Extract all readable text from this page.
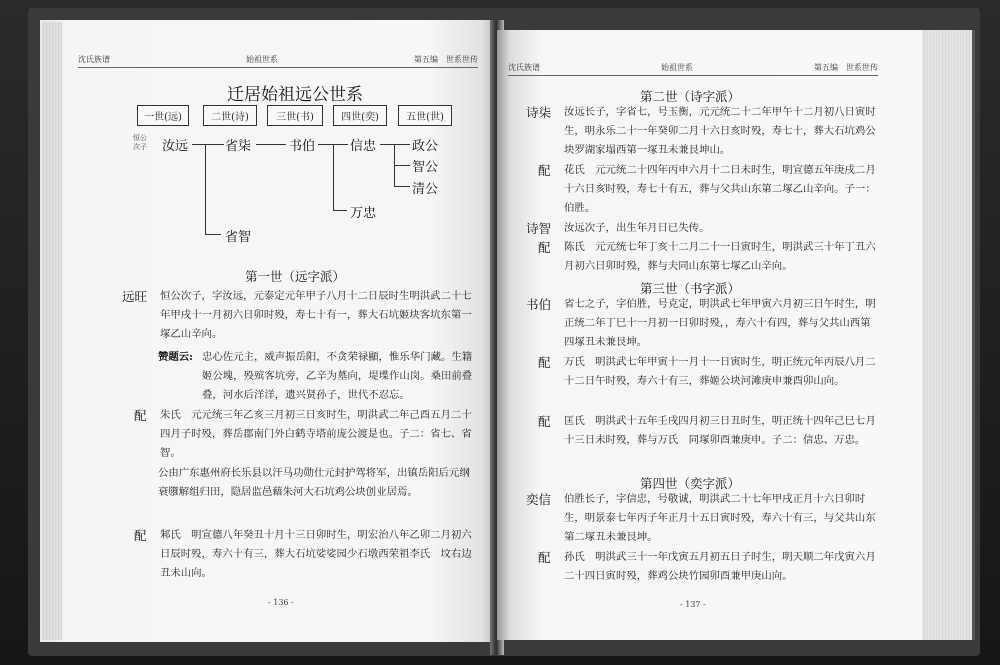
沈氏族谱	始祖世系	第五编　世系世传
迁居始祖远公世系
一世(远)	二世(诗)	三世(书)	四世(奕)	五世(世)
恒公次子	汝远	省柒
省智
书伯
万忠
信忠	政公
智公
清公
第一世（远字派）
远旺 恒公次子，字汝远，元泰定元年甲子八月十二日辰时生明洪武二十七年甲戌十一月初六日卯时殁，寿七十有一，葬大石坑姬块客坑东第一塚乙山辛向。
赞题云: 忠心佐元主，威声振岳阳，不贪荣禄顯，惟乐华门藏。生籍姬公塊，殁殡客坑旁，乙辛为墓向，堤堞作山岗。桑田前叠叠，河水后洋洋，遗兴贤孙子，世代不忍忘。
配 朱氏　元元统三年乙亥三月初三日亥时生，明洪武二年己酉五月二十四月子时殁，葬岳郡南门外白鹤寺塔前庞公渡是也。子二：省七、省智。
公由广东惠州府长乐县以汗马功勋仕元封护驾将军，出镇岳阳后元纲衰隳解组归田，隐居监邑藉朱河大石坑鸡公块创业居焉。
配 邾氏　明宣德八年癸丑十月十三日卯时生，明宏治八年乙卯二月初六日辰时殁，寿六十有三，葬大石坑娑娑园少石墩西荣祖李氏　坟右边丑未山向。
- 136 -
沈氏族谱	始祖世系	第五编　世系世传
第二世（诗字派）
诗柒 汝远长子，字省七，号玉衡，元元统二十二年甲午十二月初八日寅时生，明永乐二十一年癸卯二月十六日亥时殁，寿七十，葬大石坑鸡公块罗湖家塌西第一塚丑未兼艮坤山。
配 花氏　元元统二十四年丙申六月十二日未时生，明宣德五年庚戌二月十六日亥时殁，寿七十有五，葬与父共山东第二塚乙山辛向。子一：伯胜。
诗智 汝远次子，出生年月日已失传。
配 陈氏　元元统七年丁亥十二月二十一日寅时生，明洪武三十年丁丑六月初六日卯时殁，葬与夫同山东第七塚乙山辛向。
第三世（书字派）
书伯 省七之子，字伯胜，号克定，明洪武七年甲寅六月初三日午时生，明正统二年丁巳十一月初一日卯时殁，，寿六十有四，葬与父共山西第四塚丑未兼艮坤。
配 万氏　明洪武七年甲寅十一月十一日寅时生，明正统元年丙辰八月二十二日午时殁，寿六十有三，葬姬公块河滩庚申兼酉卯山向。
配 匡氏　明洪武十五年壬戌四月初三日丑时生，明正统十四年己巳七月十三日未时殁，葬与万氏　同塚卯酉兼庚申。子二：信忠、万忠。
第四世（奕字派）
奕信 伯胜长子，字信忠，号敬诚，明洪武二十七年甲戌正月十六日卯时生，明景泰七年丙子年正月十五日寅时殁，寿六十有三，与父共山东第二塚丑未兼艮坤。
配 孙氏　明洪武三十一年戊寅五月初五日子时生，明天顺二年戊寅六月二十四日寅时殁，葬鸡公块竹园卯酉兼甲庚山向。
- 137 -
